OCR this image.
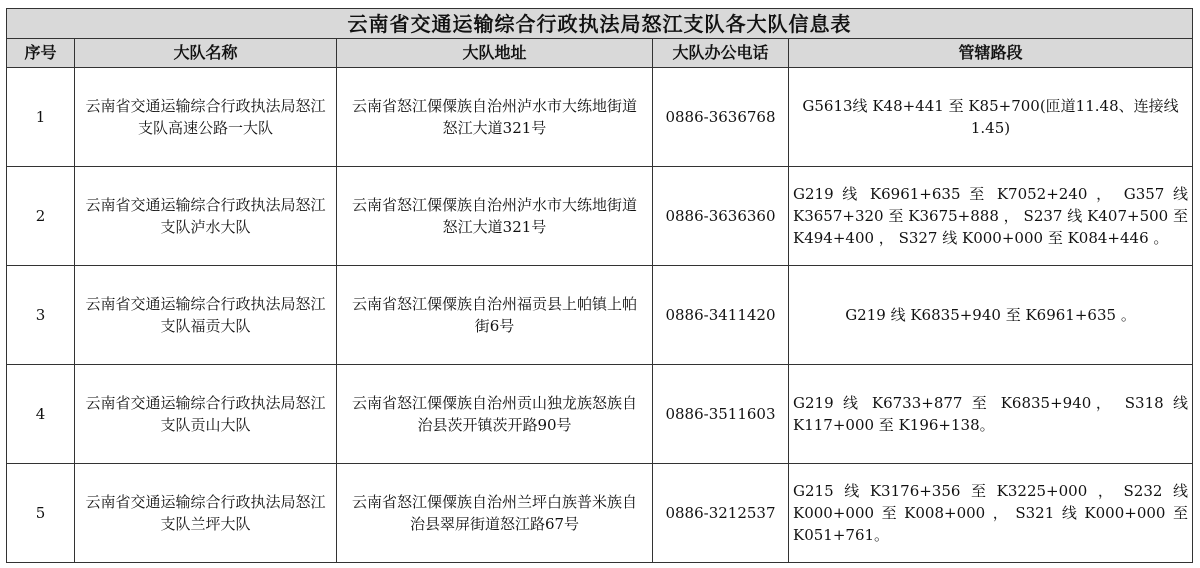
云南省交通运输综合行政执法局怒江支队各大队信息表				
序号	大队名称	大队地址	大队办公电话	管辖路段
1	云南省交通运输综合行政执法局怒江支队高速公路一大队	云南省怒江傈僳族自治州泸水市大练地街道怒江大道321号	0886-3636768	G5613线 K48+441 至 K85+700(匝道11.48、连接线1.45)
2	云南省交通运输综合行政执法局怒江支队泸水大队	云南省怒江傈僳族自治州泸水市大练地街道怒江大道321号	0886-3636360	G219 线 K6961+635 至 K7052+240 ， G357 线 K3657+320 至 K3675+888 ， S237 线 K407+500 至 K494+400 ， S327 线 K000+000 至 K084+446 。
3	云南省交通运输综合行政执法局怒江支队福贡大队	云南省怒江傈僳族自治州福贡县上帕镇上帕街6号	0886-3411420	G219 线 K6835+940 至 K6961+635 。
4	云南省交通运输综合行政执法局怒江支队贡山大队	云南省怒江傈僳族自治州贡山独龙族怒族自治县茨开镇茨开路90号	0886-3511603	G219 线 K6733+877 至 K6835+940， S318 线 K117+000 至 K196+138。
5	云南省交通运输综合行政执法局怒江支队兰坪大队	云南省怒江傈僳族自治州兰坪白族普米族自治县翠屏街道怒江路67号	0886-3212537	G215线K3176+356至K3225+000，S232线K000+000至K008+000，S321线K000+000至K051+761。
